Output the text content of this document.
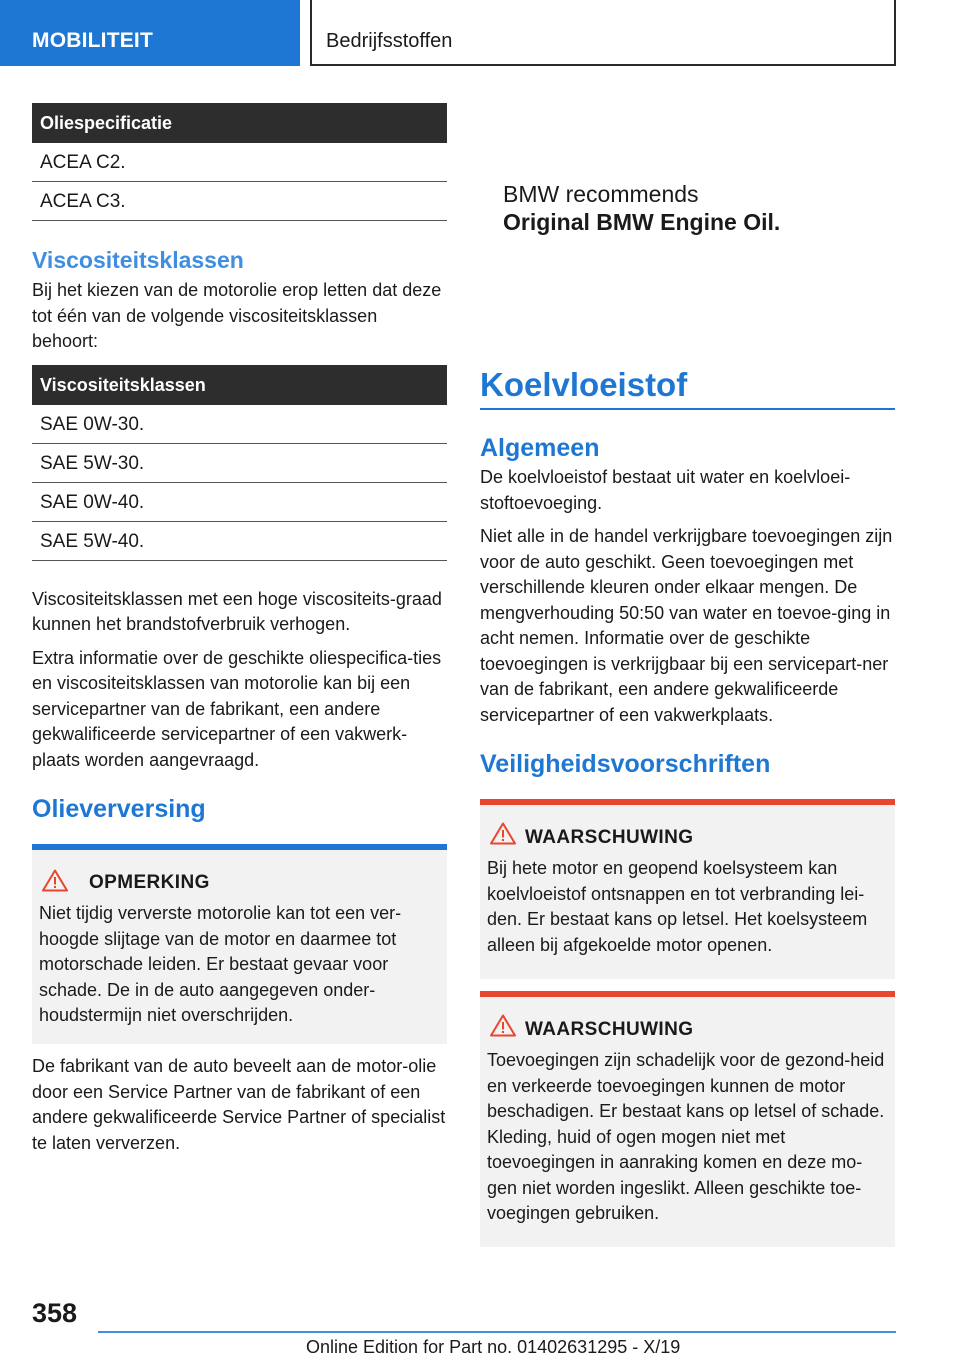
MOBILITEIT	Bedrijfsstoffen
Oliespecificatie
ACEA C2.
ACEA C3.
Viscositeitsklassen
Bij het kiezen van de motorolie erop letten dat deze tot één van de volgende viscositeitsklassen behoort:
Viscositeitsklassen
SAE 0W-30.
SAE 5W-30.
SAE 0W-40.
SAE 5W-40.
Viscositeitsklassen met een hoge viscositeits-graad kunnen het brandstofverbruik verhogen.
Extra informatie over de geschikte oliespecifica-ties en viscositeitsklassen van motorolie kan bij een servicepartner van de fabrikant, een andere gekwalificeerde servicepartner of een vakwerk-plaats worden aangevraagd.
Olieverversing
OPMERKING
Niet tijdig ververste motorolie kan tot een ver-hoogde slijtage van de motor en daarmee tot motorschade leiden. Er bestaat gevaar voor schade. De in de auto aangegeven onder-houdstermijn niet overschrijden.
De fabrikant van de auto beveelt aan de motor-olie door een Service Partner van de fabrikant of een andere gekwalificeerde Service Partner of specialist te laten ververzen.
BMW recommends
Original BMW Engine Oil.
Koelvloeistof
Algemeen
De koelvloeistof bestaat uit water en koelvloei-stoftoevoeging.
Niet alle in de handel verkrijgbare toevoegingen zijn voor de auto geschikt. Geen toevoegingen met verschillende kleuren onder elkaar mengen. De mengverhouding 50:50 van water en toevoe-ging in acht nemen. Informatie over de geschikte toevoegingen is verkrijgbaar bij een servicepart-ner van de fabrikant, een andere gekwalificeerde servicepartner of een vakwerkplaats.
Veiligheidsvoorschriften
WAARSCHUWING
Bij hete motor en geopend koelsysteem kan koelvloeistof ontsnappen en tot verbranding lei-den. Er bestaat kans op letsel. Het koelsysteem alleen bij afgekoelde motor openen.
WAARSCHUWING
Toevoegingen zijn schadelijk voor de gezond-heid en verkeerde toevoegingen kunnen de motor beschadigen. Er bestaat kans op letsel of schade. Kleding, huid of ogen mogen niet met toevoegingen in aanraking komen en deze mo-gen niet worden ingeslikt. Alleen geschikte toe-voegingen gebruiken.
358
Online Edition for Part no. 01402631295 - X/19
